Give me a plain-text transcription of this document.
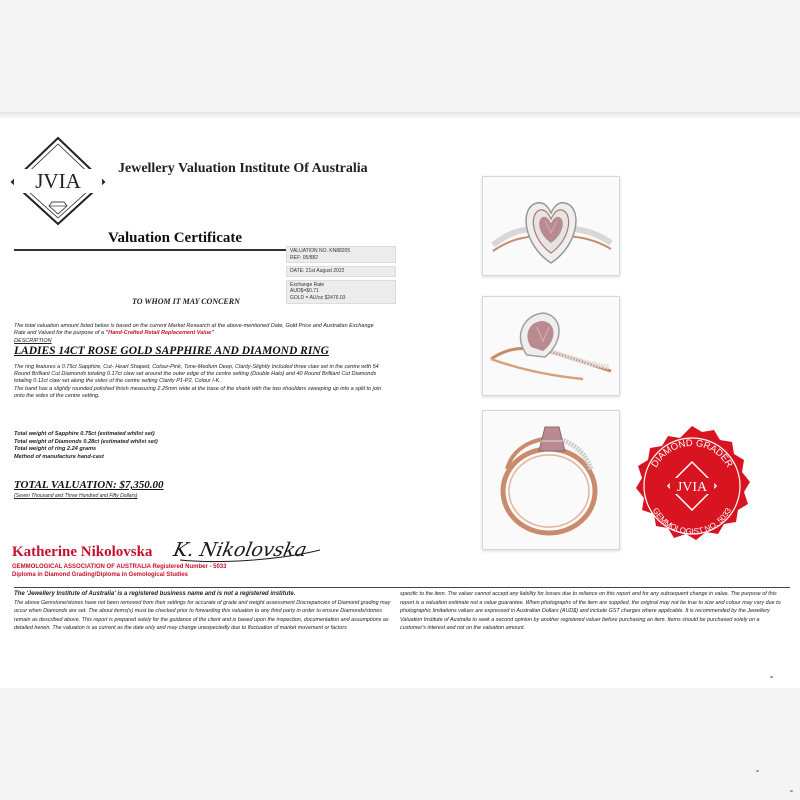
JVIA
Jewellery Valuation Institute Of Australia
Valuation Certificate
VALUATION NO. KN88205
REF: 05/882
DATE: 21st August 2022
Exchange Rate
AUD$=$0.71
GOLD = AU/oz $2476.03
TO WHOM IT MAY CONCERN
The total valuation amount listed below is based on the current Market Research at the above-mentioned Date, Gold Price and Australian Exchange Rate and Valued for the purpose of a "Hand-Crafted Retail Replacement Value"
DESCRIPTION
LADIES 14CT ROSE GOLD SAPPHIRE AND DIAMOND RING
The ring features a 0.75ct Sapphire, Cut- Heart Shaped, Colour-Pink, Tone-Medium Deep, Clarity-Slightly Included three claw set in the centre with 54 Round Brilliant Cut Diamonds totaling 0.17ct claw set around the outer edge of the centre setting (Double Halo) and 40 Round Brilliant Cut Diamonds totaling 0.11ct claw set along the sides of the centre setting Clarity P1-P2, Colour I-K.
The band has a slightly rounded polished finish measuring 2.25mm wide at the base of the shank with the two shoulders sweeping up into a split to join onto the sides of the centre setting.
Total weight of Sapphire 0.75ct (estimated whilst set)
Total weight of Diamonds 0.28ct (estimated whilst set)
Total weight of ring 2.24 grams
Method of manufacture hand-cast
TOTAL VALUATION: $7,350.00
(Seven Thousand and Three Hundred and Fifty Dollars)
K. Nikolovska
Katherine Nikolovska
GEMMOLOGICAL ASSOCIATION OF AUSTRALIA Registered Number - 5033
Diploma in Diamond Grading/Diploma in Gemological Studies
DIAMOND GRADER
GEMMOLOGIST NO. 5033
JVIA
The 'Jewellery Institute of Australia' is a registered business name and is not a registered institute.
The above Gemstone/stones have not been removed from their settings for accurate of grade and weight assessment Discrepancies of Diamond grading may occur when Diamonds are set. The about items(s) must be checked prior to forwarding this valuation to any third party in order to ensure Diamonds/stones remain as described above. This report is prepared solely for the guidance of the client and is based upon the inspection, documentation and assumptions as detailed herein. The valuation is as current as the date only and may change unexpectedly due to fluctuation of market movement or factors
specific to the item. The valuer cannot accept any liability for losses due to reliance on this report and for any subsequent change in value. The purpose of this report is a valuation estimate not a value guarantee. When photographs of the item are supplied, the original may not be true to size and colour may vary due to photographic limitations values are expressed in Australian Dollars (AUD$) and include GST charges where applicable. It is recommended by the Jewellery Valuation Institute of Australia to seek a second opinion by another registered valuer before purchasing an item. Items should be purchased solely on a customer's interest and not on the valuation amount.
